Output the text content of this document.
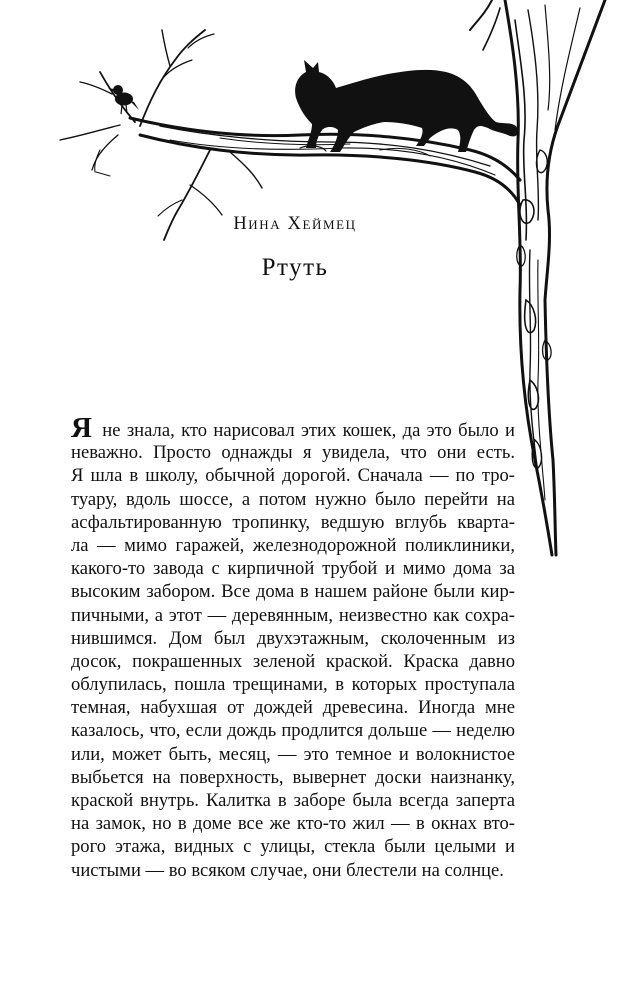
Нина Хеймец
Ртуть
Я не знала, кто нарисовал этих кошек, да это было и
неважно. Просто однажды я увидела, что они есть.
Я шла в школу, обычной дорогой. Сначала — по тро-
туару, вдоль шоссе, а потом нужно было перейти на
асфальтированную тропинку, ведшую вглубь кварта-
ла — мимо гаражей, железнодорожной поликлиники,
какого-то завода с кирпичной трубой и мимо дома за
высоким забором. Все дома в нашем районе были кир-
пичными, а этот — деревянным, неизвестно как сохра-
нившимся. Дом был двухэтажным, сколоченным из
досок, покрашенных зеленой краской. Краска давно
облупилась, пошла трещинами, в которых проступала
темная, набухшая от дождей древесина. Иногда мне
казалось, что, если дождь продлится дольше — неделю
или, может быть, месяц, — это темное и волокнистое
выбьется на поверхность, вывернет доски наизнанку,
краской внутрь. Калитка в заборе была всегда заперта
на замок, но в доме все же кто-то жил — в окнах вто-
рого этажа, видных с улицы, стекла были целыми и
чистыми — во всяком случае, они блестели на солнце.
